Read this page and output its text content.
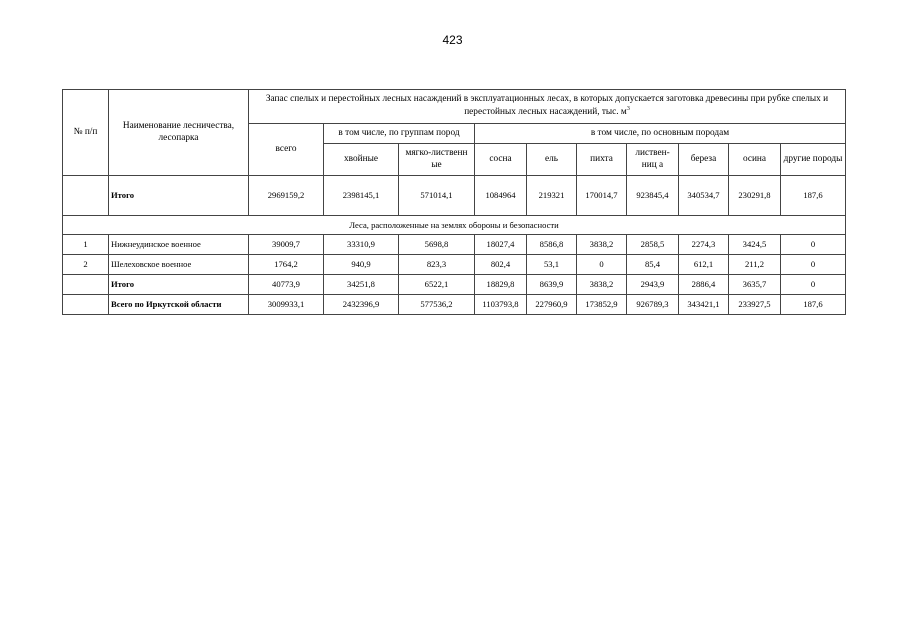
423
№ п/п	Наименование лесничества, лесопарка	Запас спелых и перестойных лесных насаждений в эксплуатационных лесах, в которых допускается заготовка древесины при рубке спелых и перестойных лесных насаждений, тыс. $м^3$
		всего	в том числе, по группам пород		в том числе, по основным породам						
			хвойные	мягко-лиственн ые	сосна	ель	пихта	листвен-ниц а	береза	осина	другие породы
	Итого	2969159,2	2398145,1	571014,1	1084964	219321	170014,7	923845,4	340534,7	230291,8	187,6
Леса, расположенные на землях обороны и безопасности											
1	Нижнеудинское военное	39009,7	33310,9	5698,8	18027,4	8586,8	3838,2	2858,5	2274,3	3424,5	0
2	Шелеховское военное	1764,2	940,9	823,3	802,4	53,1	0	85,4	612,1	211,2	0
	Итого	40773,9	34251,8	6522,1	18829,8	8639,9	3838,2	2943,9	2886,4	3635,7	0
	Всего по Иркутской области	3009933,1	2432396,9	577536,2	1103793,8	227960,9	173852,9	926789,3	343421,1	233927,5	187,6
